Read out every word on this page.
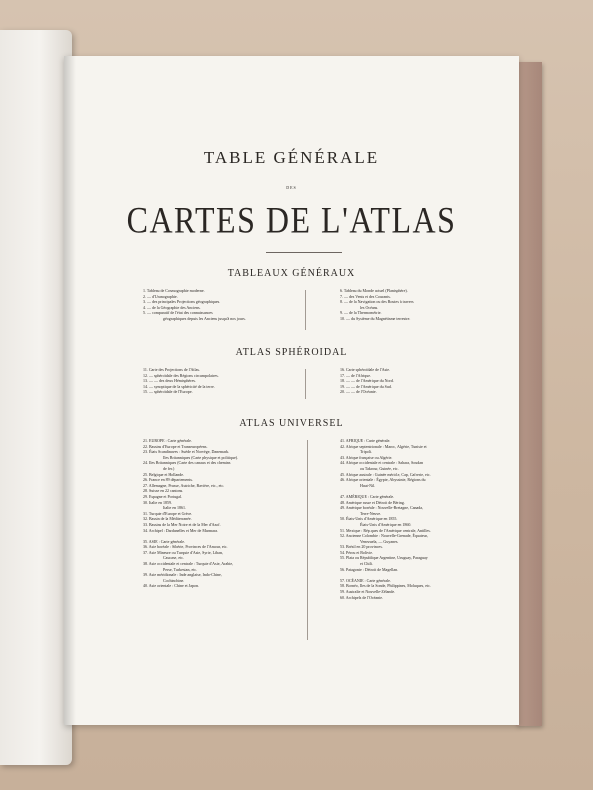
TABLE GÉNÉRALE
DES
CARTES DE L'ATLAS
TABLEAUX GÉNÉRAUX
1. Tableau de Cosmographie moderne.
2. — d'Uranographie.
3. — des principales Projections géographiques.
4. — de la Géographie des Anciens.
5. — comparatif de l'état des connaissances
géographiques depuis les Anciens jusqu'à nos jours.
6. Tableau du Monde actuel (Planisphère).
7. — des Vents et des Courants.
8. — de la Navigation ou des Routes à travers
les Océans.
9. — de la Thermométrie.
10. — du Système du Magnétisme terrestre.
ATLAS SPHÉROIDAL
11. Carte des Projections de l'Atlas.
12. — sphéroïdale des Régions circumpolaires.
13. — — des deux Hémisphères.
14. — synoptique de la sphéricité de la terre.
15. — sphéroïdale de l'Europe.
16. Carte sphéroïdale de l'Asie.
17. — de l'Afrique.
18. — — de l'Amérique du Nord.
19. — — de l'Amérique du Sud.
20. — — de l'Océanie.
ATLAS UNIVERSEL
21. EUROPE : Carte générale.
22. Bassins d'Europe et Transeuropéens.
23. États Scandinaves : Suède et Norvège, Danemark.
Iles Britanniques (Carte physique et politique).
24. Iles Britanniques (Carte des canaux et des chemins
de fer.)
25. Belgique et Hollande.
26. France en 89 départements.
27. Allemagne, Prusse, Autriche, Bavière, etc., etc.
28. Suisse en 22 cantons.
29. Espagne et Portugal.
30. Italie en 1859.
Italie en 1861.
31. Turquie d'Europe et Grèce.
32. Bassin de la Méditerranée.
33. Bassins de la Mer Noire et de la Mer d'Azof.
34. Archipel : Dardanelles et Mer de Marmara.
35. ASIE : Carte générale.
36. Asie boréale : Sibérie, Provinces de l'Amour, etc.
37. Asie Mineure ou Turquie d'Asie, Syrie, Liban,
Caucase, etc.
38. Asie occidentale et centrale : Turquie d'Asie, Arabie,
Perse, Turkestan, etc.
39. Asie méridionale : Inde anglaise, Indo-Chine,
Cochinchine.
40. Asie orientale : Chine et Japon.
41. AFRIQUE : Carte générale.
42. Afrique septentrionale : Maroc, Algérie, Tunisie et
Tripoli.
43. Afrique française ou Algérie.
44. Afrique occidentale et centrale : Sahara, Soudan
ou Takrour, Guinée, etc.
45. Afrique australe : Guinée mérid.e, Cap, Cafrerie, etc.
46. Afrique orientale : Égypte, Abyssinie, Régions du
Haut-Nil.
47. AMÉRIQUE : Carte générale.
48. Amérique russe et Détroit de Béring.
49. Amérique boréale : Nouvelle-Bretagne, Canada,
Terre-Neuve.
50. États-Unis d'Amérique en 1855.
États-Unis d'Amérique en 1860.
51. Mexique : Rép.ques de l'Amérique centrale, Antilles.
52. Ancienne Colombie : Nouvelle-Grenade, Équateur,
Venezuela, — Guyanes.
53. Brésil en 20 provinces.
54. Pérou et Bolivie.
55. Plata ou République Argentine, Uruguay, Paraguay
et Chili.
56. Patagonie : Détroit de Magellan.
57. OCÉANIE : Carte générale.
58. Bornéo, Iles de la Sonde, Philippines, Moluques, etc.
59. Australie et Nouvelle-Zélande.
60. Archipels de l'Océanie.
